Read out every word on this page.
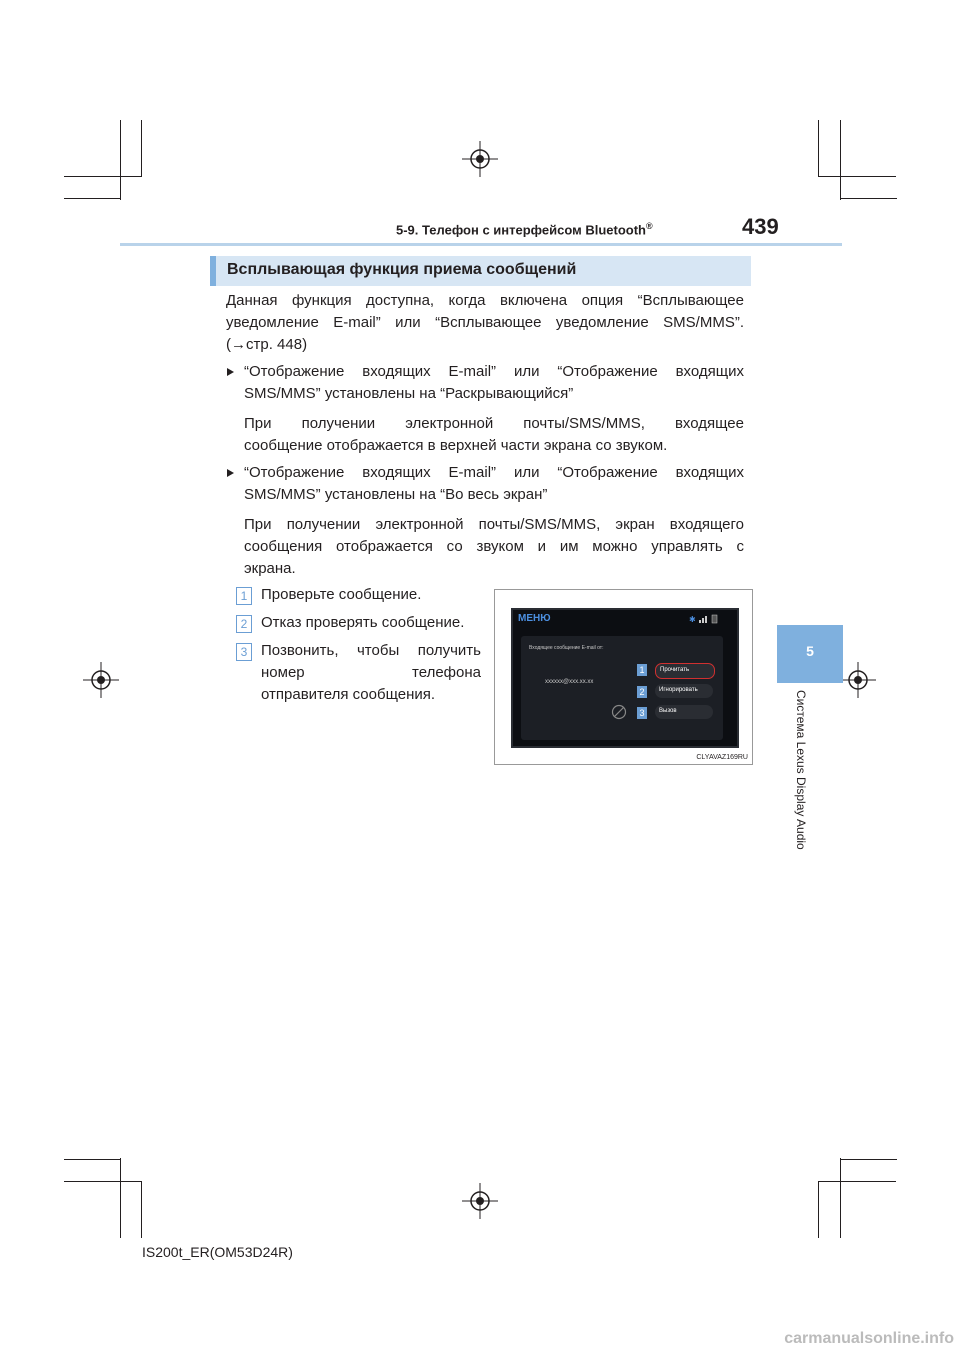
5-9. Телефон с интерфейсом Bluetooth®	439
5
Система Lexus Display Audio
Всплывающая функция приема сообщений
Данная функция доступна, когда включена опция “Всплывающее
уведомление E-mail” или “Всплывающее уведомление SMS/MMS”.
(→стр. 448)
“Отображение входящих E-mail” или “Отображение входящих
SMS/MMS” установлены на “Раскрывающийся”
При получении электронной почты/SMS/MMS, входящее
сообщение отображается в верхней части экрана со звуком.
“Отображение входящих E-mail” или “Отображение входящих
SMS/MMS” установлены на “Во весь экран”
При получении электронной почты/SMS/MMS, экран входящего
сообщения отображается со звуком и им можно управлять с
экрана.
1 Проверьте сообщение.
2 Отказ проверять сообщение.
3 Позвонить, чтобы получить
номер телефона
отправителя сообщения.
МЕНЮ	✱
Входящее сообщение E-mail от:
xxxxxx@xxx.xx.xx
Прочитать
Игнорировать
Вызов
1
2
3
CLYAVAZ169RU
IS200t_ER(OM53D24R)
carmanualsonline.info
